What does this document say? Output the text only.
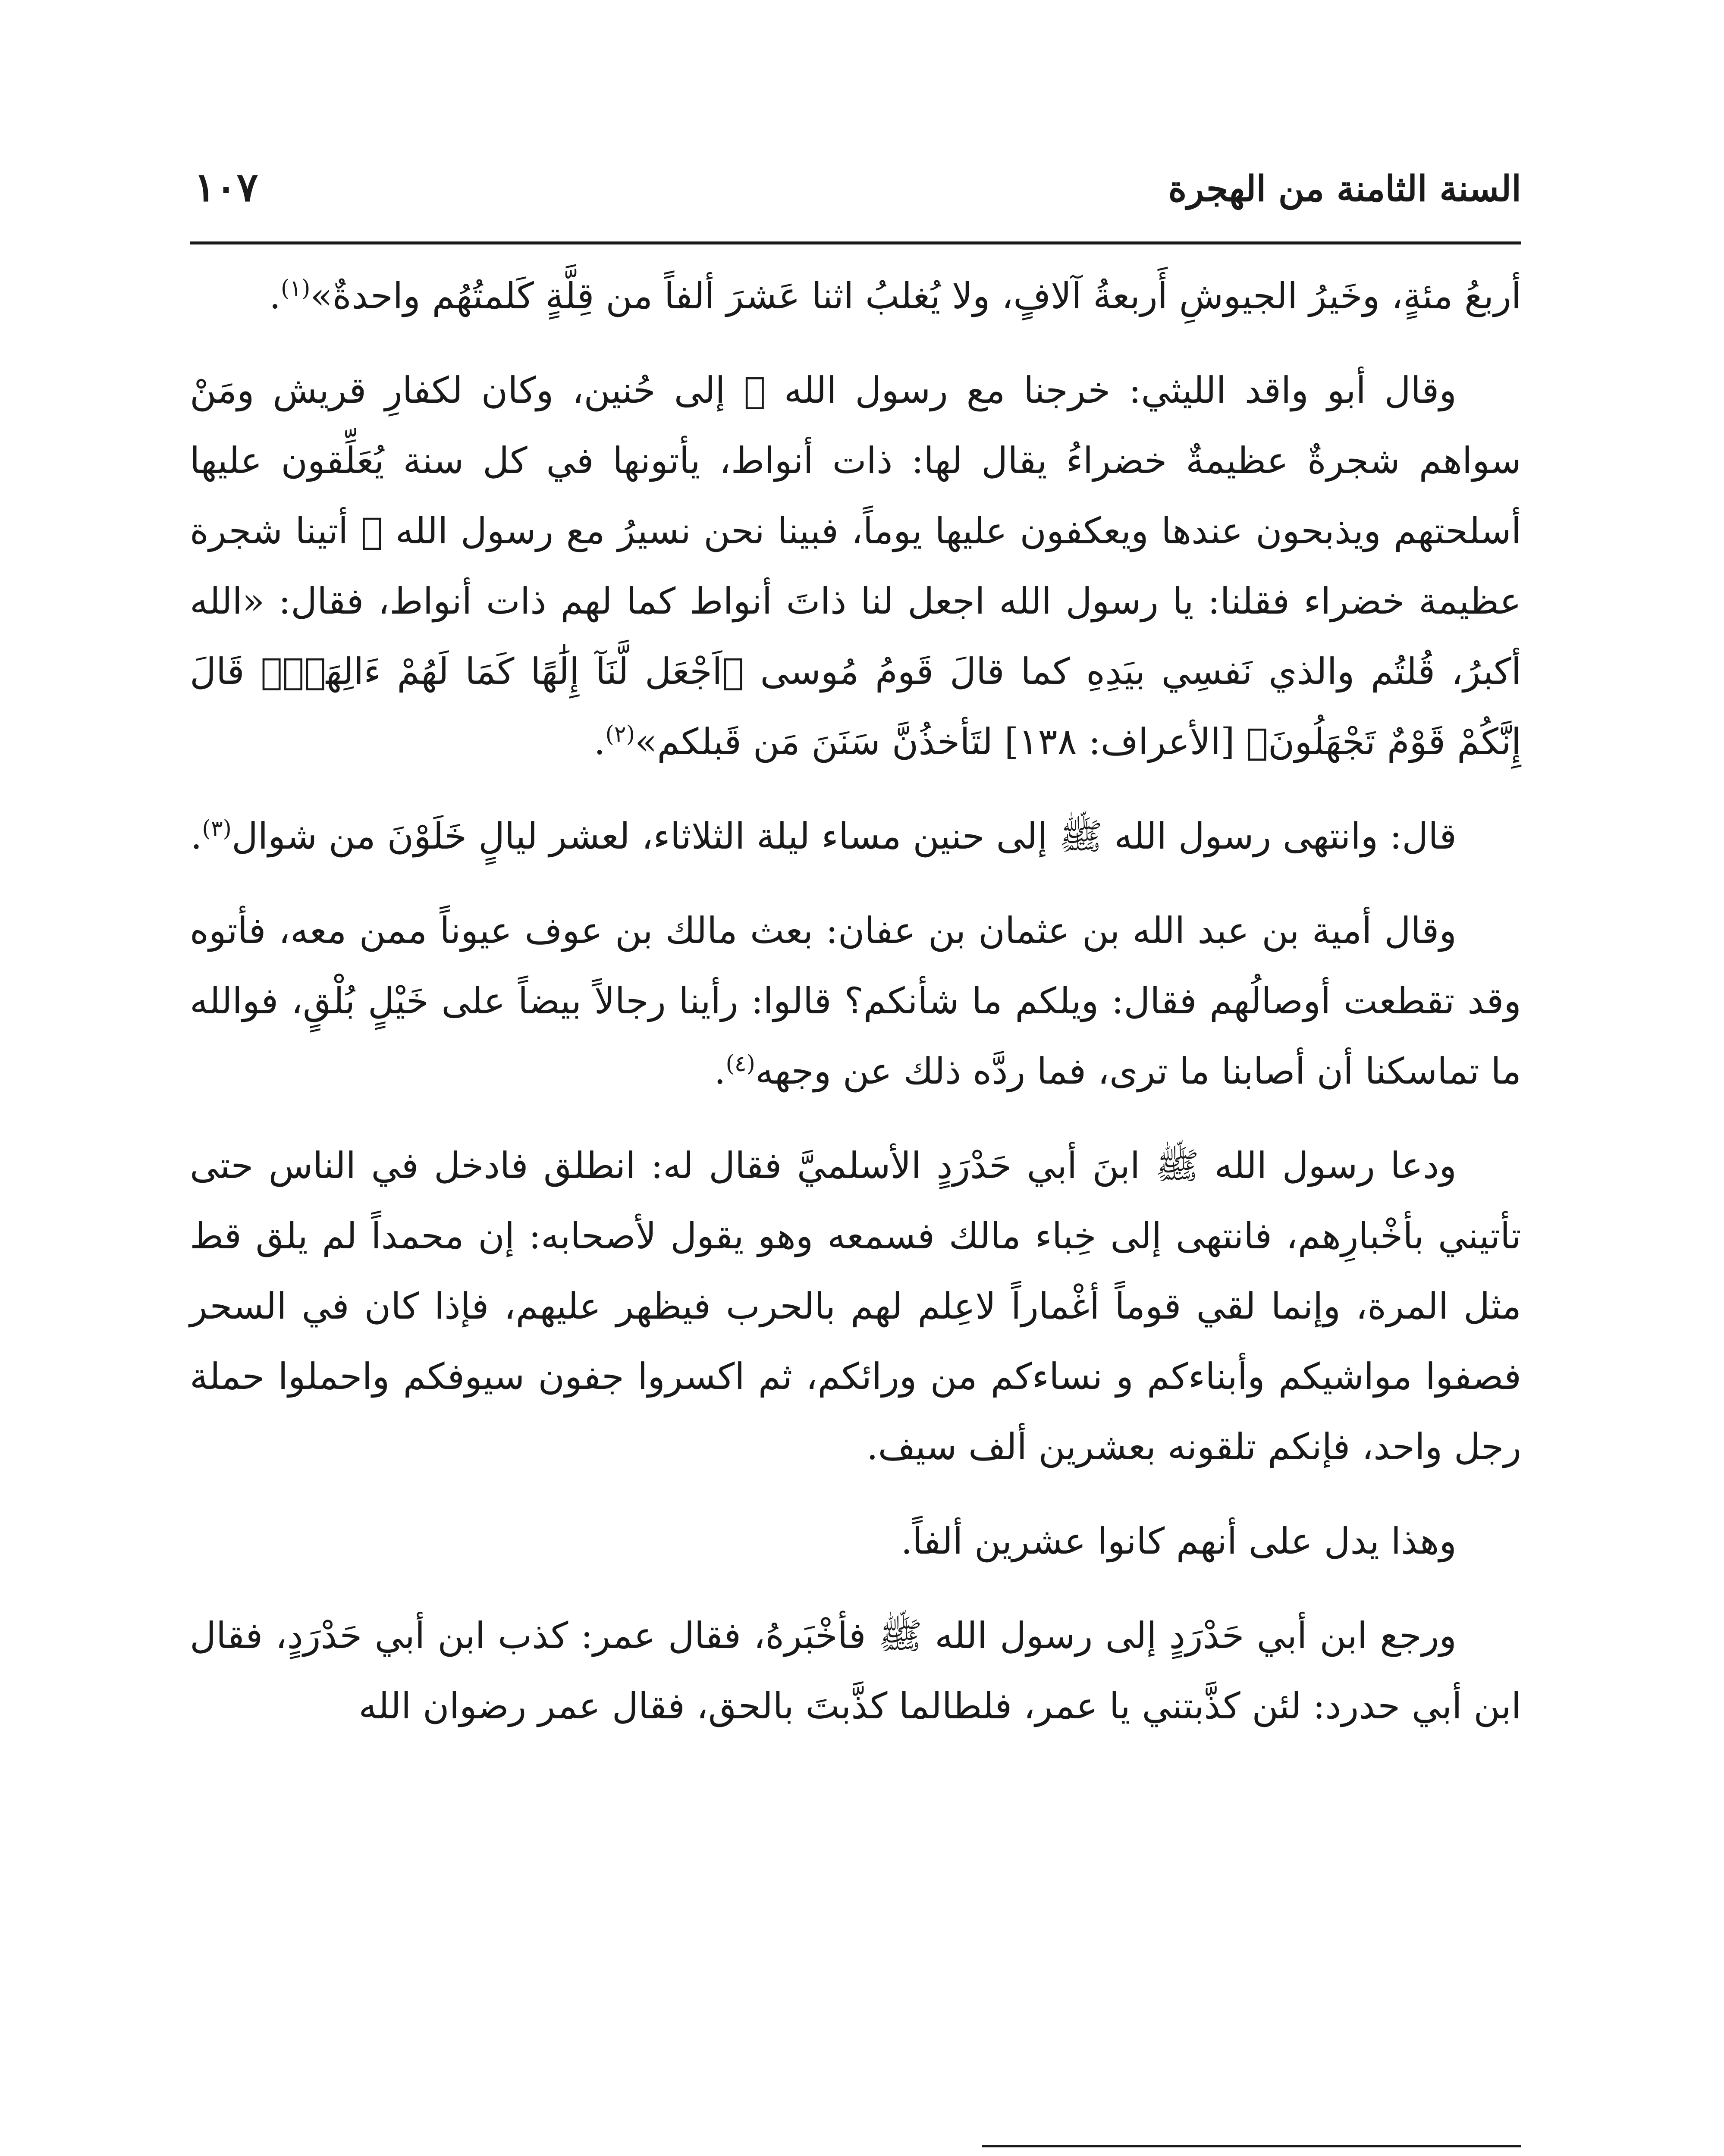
السنة الثامنة من الهجرة
١٠٧

أربعُ مئةٍ، وخَيرُ الجيوشِ أَربعةُ آلافٍ، ولا يُغلبُ اثنا عَشرَ ألفاً من قِلَّةٍ كَلمتُهُم واحدةٌ»$^{(١)}$.

وقال أبو واقد الليثي: خرجنا مع رسول الله ﷺ إلى حُنين، وكان لكفارِ قريش ومَنْ سواهم شجرةٌ عظيمةٌ خضراءُ يقال لها: ذات أنواط، يأتونها في كل سنة يُعَلِّقون عليها أسلحتهم ويذبحون عندها ويعكفون عليها يوماً، فبينا نحن نسيرُ مع رسول الله ﷺ أتينا شجرة عظيمة خضراء فقلنا: يا رسول الله اجعل لنا ذاتَ أنواط كما لهم ذات أنواط، فقال: «الله أكبرُ، قُلتُم والذي نَفسِي بيَدِهِ كما قالَ قَومُ مُوسى ﴿اَجْعَل لَّنَآ إِلَٰهًا كَمَا لَهُمْ ءَالِهَةٌۚ قَالَ إِنَّكُمْ قَوْمٌ تَجْهَلُونَ﴾ [الأعراف: ١٣٨] لتَأخذُنَّ سَنَنَ مَن قَبلكم»$^{(٢)}$.

قال: وانتهى رسول الله ﷺ إلى حنين مساء ليلة الثلاثاء، لعشر ليالٍ خَلَوْنَ من شوال$^{(٣)}$.

وقال أمية بن عبد الله بن عثمان بن عفان: بعث مالك بن عوف عيوناً ممن معه، فأتوه وقد تقطعت أوصالُهم فقال: ويلكم ما شأنكم؟ قالوا: رأينا رجالاً بيضاً على خَيْلٍ بُلْقٍ، فوالله ما تماسكنا أن أصابنا ما ترى، فما ردَّه ذلك عن وجهه$^{(٤)}$.

ودعا رسول الله ﷺ ابنَ أبي حَدْرَدٍ الأسلميَّ فقال له: انطلق فادخل في الناس حتى تأتيني بأخْبارِهم، فانتهى إلى خِباء مالك فسمعه وهو يقول لأصحابه: إن محمداً لم يلق قط مثل المرة، وإنما لقي قوماً أغْماراً لاعِلم لهم بالحرب فيظهر عليهم، فإذا كان في السحر فصفوا مواشيكم وأبناءكم و نساءكم من ورائكم، ثم اكسروا جفون سيوفكم واحملوا حملة رجل واحد، فإنكم تلقونه بعشرين ألف سيف.

وهذا يدل على أنهم كانوا عشرين ألفاً.

ورجع ابن أبي حَدْرَدٍ إلى رسول الله ﷺ فأخْبَرهُ، فقال عمر: كذب ابن أبي حَدْرَدٍ، فقال ابن أبي حدرد: لئن كذَّبتني يا عمر، فلطالما كذَّبتَ بالحق، فقال عمر رضوان الله
